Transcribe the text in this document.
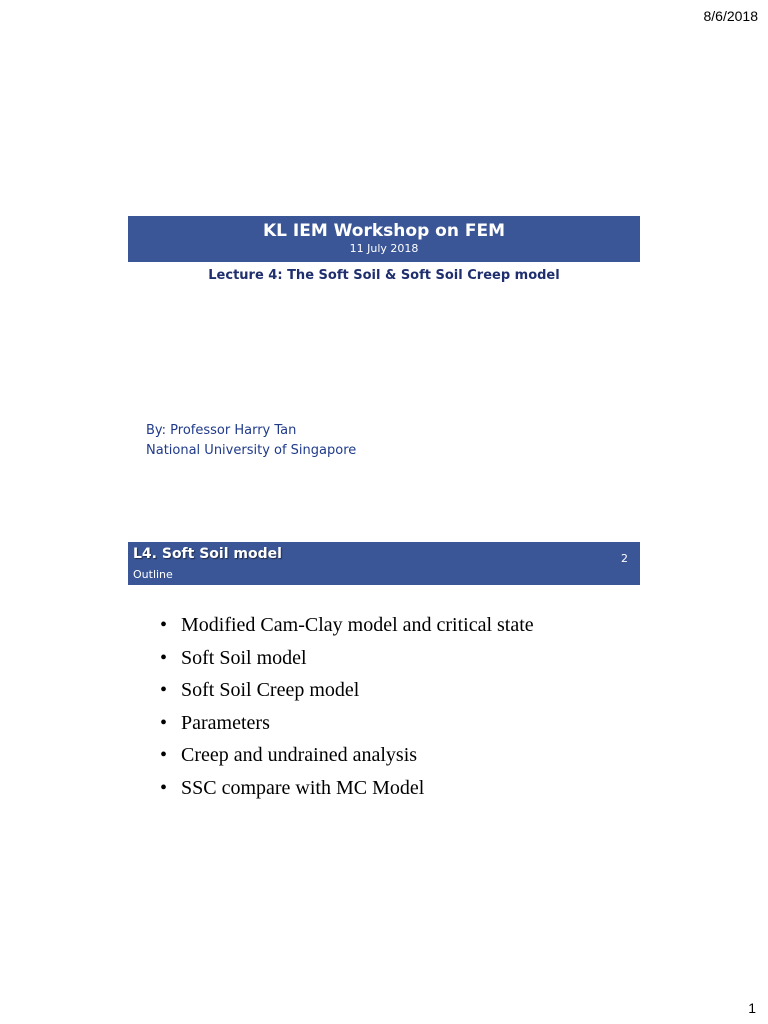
8/6/2018
KL IEM Workshop on FEM
11 July 2018
Lecture 4: The Soft Soil & Soft Soil Creep model
By: Professor Harry Tan
National University of Singapore
L4. Soft Soil model
Outline
2
• Modified Cam-Clay model and critical state
• Soft Soil model
• Soft Soil Creep model
• Parameters
• Creep and undrained analysis
• SSC compare with MC Model
1
